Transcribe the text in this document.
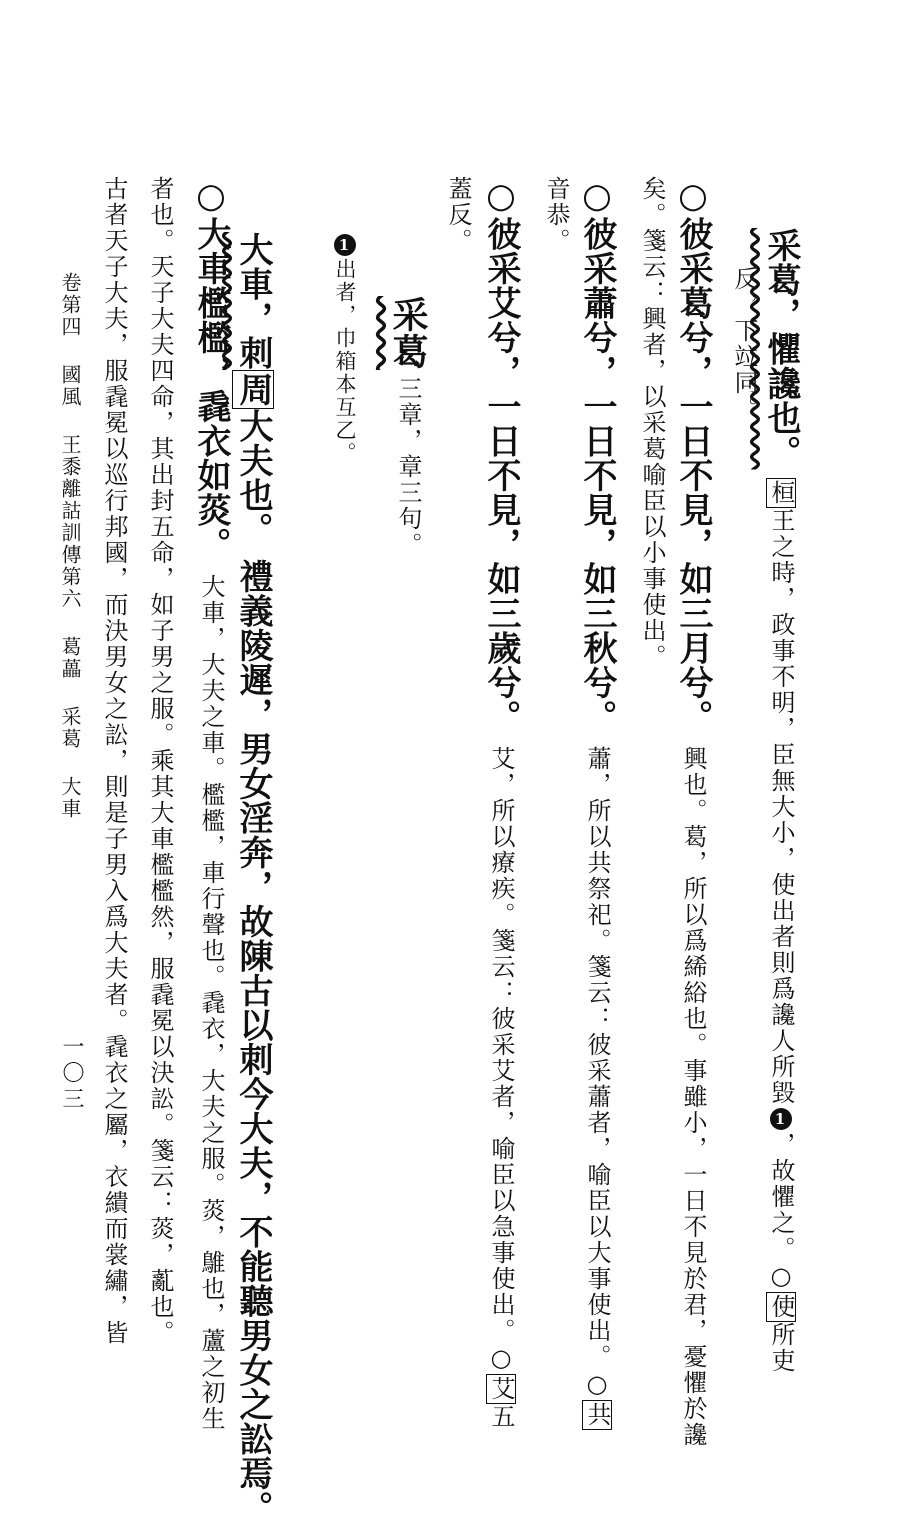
采葛，懼讒也。桓王之時，政事不明，臣無大小，使出者則爲讒人所毀1，故懼之。○使所吏
反，下竝同。
○彼采葛兮，一日不見，如三月兮。興也。葛，所以爲絺綌也。事雖小，一日不見於君，憂懼於讒
矣。箋云：興者，以采葛喻臣以小事使出。
○彼采蕭兮，一日不見，如三秋兮。蕭，所以共祭祀。箋云：彼采蕭者，喻臣以大事使出。○共
音恭。
○彼采艾兮，一日不見，如三歲兮。艾，所以療疾。箋云：彼采艾者，喻臣以急事使出。○艾五
蓋反。
采葛三章，章三句。
1出者，巾箱本互乙。
大車，刺周大夫也。禮義陵遲，男女淫奔，故陳古以刺今大夫，不能聽男女之訟焉。
○大車檻檻，毳衣如菼。大車，大夫之車。檻檻，車行聲也。毳衣，大夫之服。菼，鵻也，蘆之初生
者也。天子大夫四命，其出封五命，如子男之服。乘其大車檻檻然，服毳冕以決訟。箋云：菼，薍也。
古者天子大夫，服毳冕以巡行邦國，而決男女之訟，則是子男入爲大夫者。毳衣之屬，衣繢而裳繡，皆
卷第四國風王黍離詁訓傳第六葛藟采葛大車
一〇三
